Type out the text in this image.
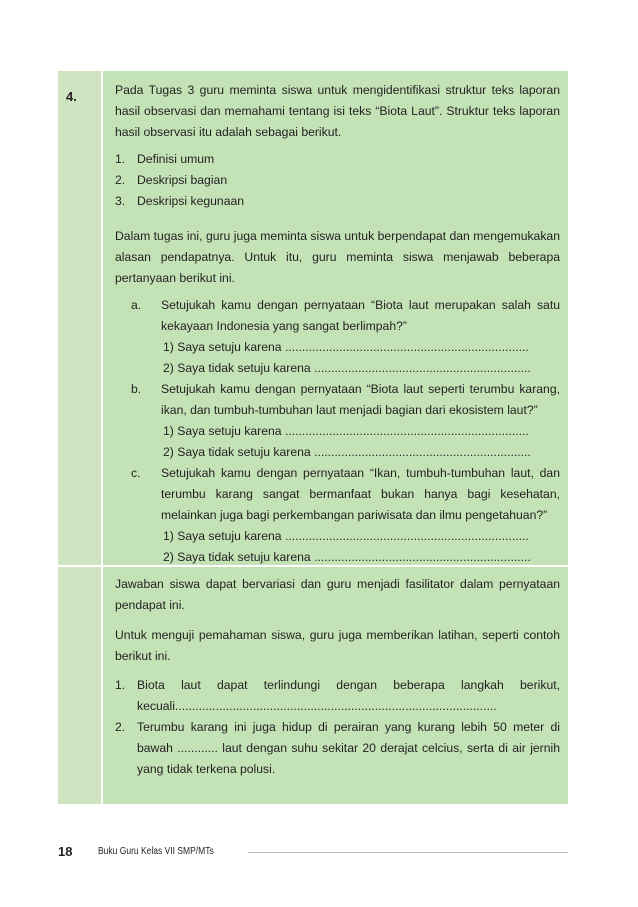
4.	Pada Tugas 3 guru meminta siswa untuk mengidentifikasi struktur teks laporan hasil observasi dan memahami tentang isi teks “Biota Laut”. Struktur teks laporan hasil observasi itu adalah sebagai berikut.

1. Definisi umum
2. Deskripsi bagian
3. Deskripsi kegunaan

Dalam tugas ini, guru juga meminta siswa untuk berpendapat dan mengemukakan alasan pendapatnya. Untuk itu, guru meminta siswa menjawab beberapa pertanyaan berikut ini.

a.	Setujukah kamu dengan pernyataan “Biota laut merupakan salah satu kekayaan Indonesia yang sangat berlimpah?”
1) Saya setuju karena ........................................................................
2) Saya tidak setuju karena ................................................................
b.	Setujukah kamu dengan pernyataan “Biota laut seperti terumbu karang, ikan, dan tumbuh-tumbuhan laut menjadi bagian dari ekosistem laut?”
1) Saya setuju karena ........................................................................
2) Saya tidak setuju karena ................................................................
c.	Setujukah kamu dengan pernyataan “Ikan, tumbuh-tumbuhan laut, dan terumbu karang sangat bermanfaat bukan hanya bagi kesehatan, melainkan juga bagi perkembangan pariwisata dan ilmu pengetahuan?”
1) Saya setuju karena ........................................................................
2) Saya tidak setuju karena ................................................................

Jawaban siswa dapat bervariasi dan guru menjadi fasilitator dalam pernyataan pendapat ini.

Untuk menguji pemahaman siswa, guru juga memberikan latihan, seperti contoh berikut ini.

1. Biota laut dapat terlindungi dengan beberapa langkah berikut, kecuali...............................................................................................
2. Terumbu karang ini juga hidup di perairan yang kurang lebih 50 meter di bawah ............ laut dengan suhu sekitar 20 derajat celcius, serta di air jernih yang tidak terkena polusi.
18	Buku Guru Kelas VII SMP/MTs
